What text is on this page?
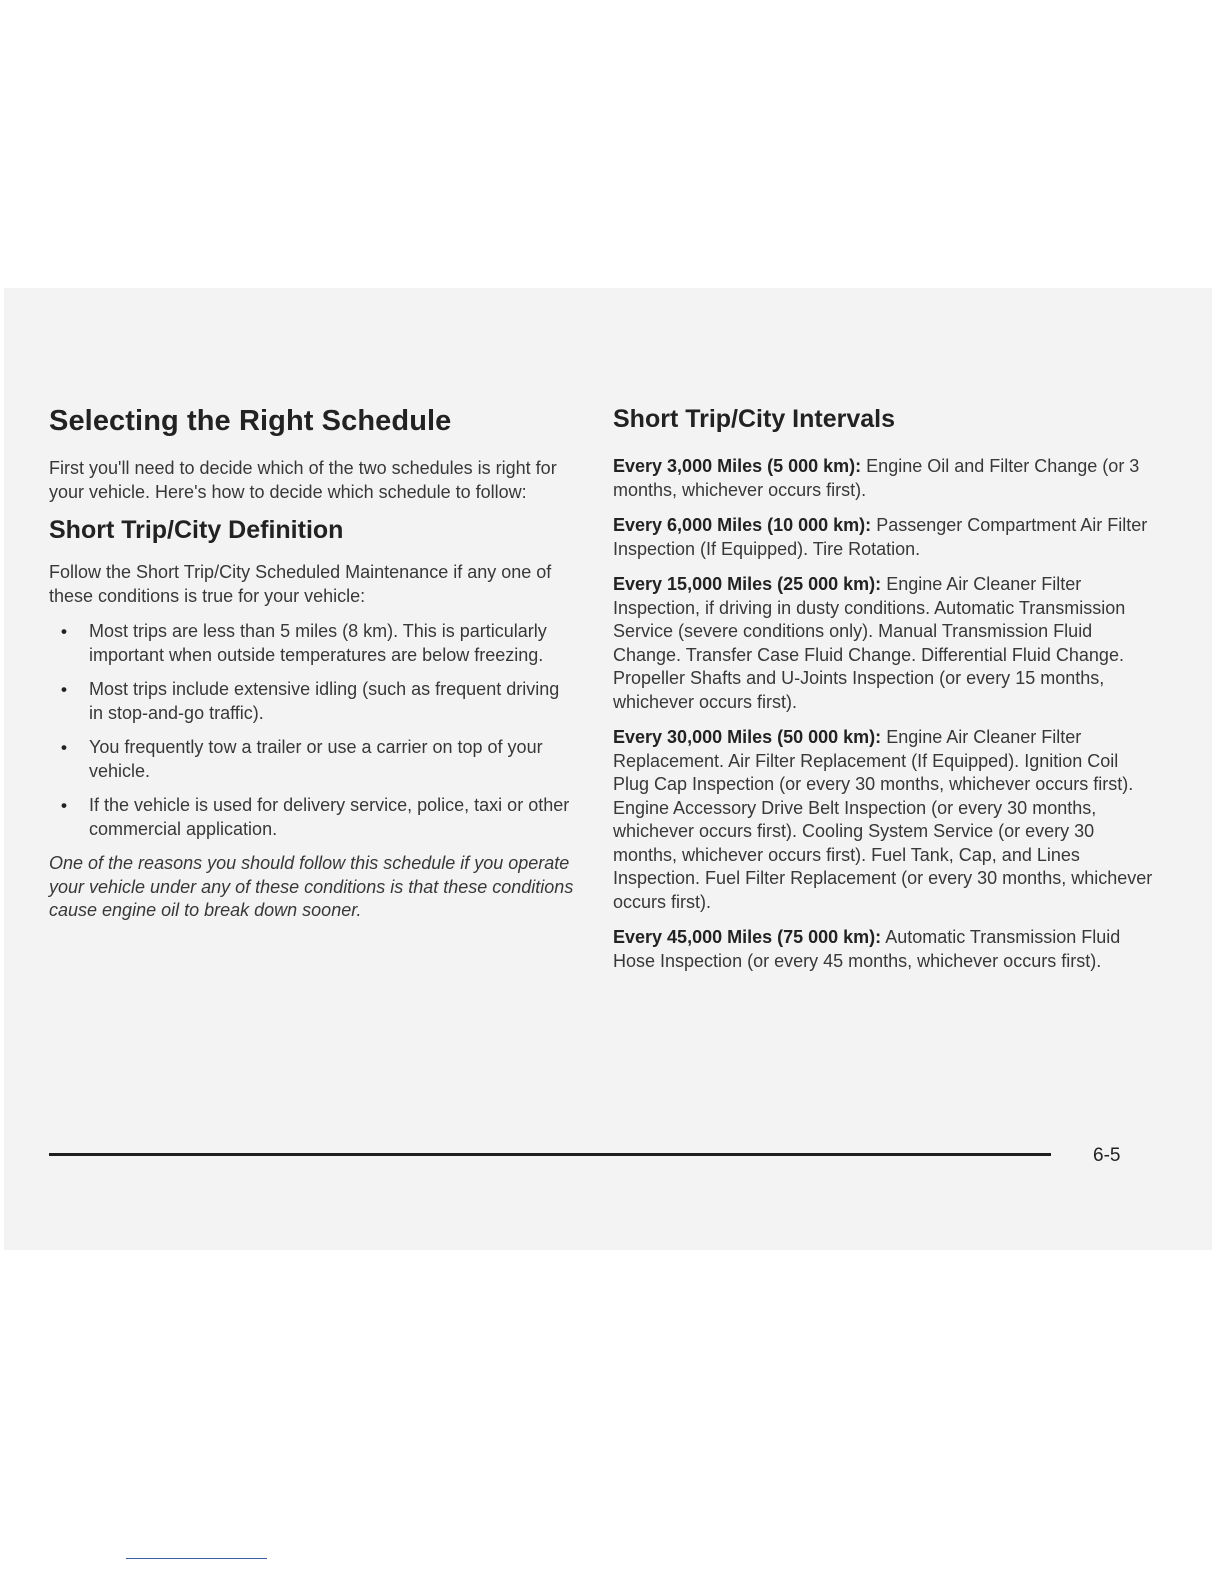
Selecting the Right Schedule

First you'll need to decide which of the two schedules is right for your vehicle. Here's how to decide which schedule to follow:

Short Trip/City Definition

Follow the Short Trip/City Scheduled Maintenance if any one of these conditions is true for your vehicle:

• Most trips are less than 5 miles (8 km). This is particularly important when outside temperatures are below freezing.
• Most trips include extensive idling (such as frequent driving in stop-and-go traffic).
• You frequently tow a trailer or use a carrier on top of your vehicle.
• If the vehicle is used for delivery service, police, taxi or other commercial application.

One of the reasons you should follow this schedule if you operate your vehicle under any of these conditions is that these conditions cause engine oil to break down sooner.

Short Trip/City Intervals

Every 3,000 Miles (5 000 km): Engine Oil and Filter Change (or 3 months, whichever occurs first).

Every 6,000 Miles (10 000 km): Passenger Compartment Air Filter Inspection (If Equipped). Tire Rotation.

Every 15,000 Miles (25 000 km): Engine Air Cleaner Filter Inspection, if driving in dusty conditions. Automatic Transmission Service (severe conditions only). Manual Transmission Fluid Change. Transfer Case Fluid Change. Differential Fluid Change. Propeller Shafts and U-Joints Inspection (or every 15 months, whichever occurs first).

Every 30,000 Miles (50 000 km): Engine Air Cleaner Filter Replacement. Air Filter Replacement (If Equipped). Ignition Coil Plug Cap Inspection (or every 30 months, whichever occurs first). Engine Accessory Drive Belt Inspection (or every 30 months, whichever occurs first). Cooling System Service (or every 30 months, whichever occurs first). Fuel Tank, Cap, and Lines Inspection. Fuel Filter Replacement (or every 30 months, whichever occurs first).

Every 45,000 Miles (75 000 km): Automatic Transmission Fluid Hose Inspection (or every 45 months, whichever occurs first).

6-5
